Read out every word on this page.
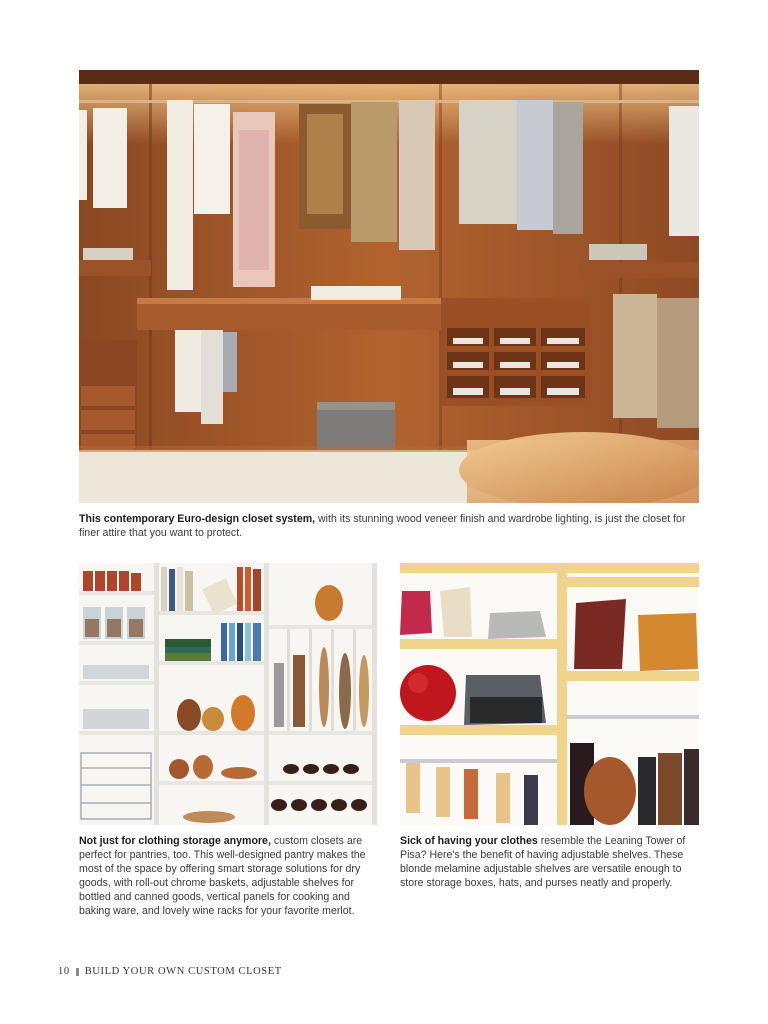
This contemporary Euro-design closet system, with its stunning wood veneer finish and wardrobe lighting, is just the closet for finer attire that you want to protect.

Not just for clothing storage anymore, custom closets are perfect for pantries, too. This well-designed pantry makes the most of the space by offering smart storage solutions for dry goods, with roll-out chrome baskets, adjustable shelves for bottled and canned goods, vertical panels for cooking and baking ware, and lovely wine racks for your favorite merlot.

Sick of having your clothes resemble the Leaning Tower of Pisa? Here's the benefit of having adjustable shelves. These blonde melamine adjustable shelves are versatile enough to store storage boxes, hats, and purses neatly and properly.

10 BUILD YOUR OWN CUSTOM CLOSET
